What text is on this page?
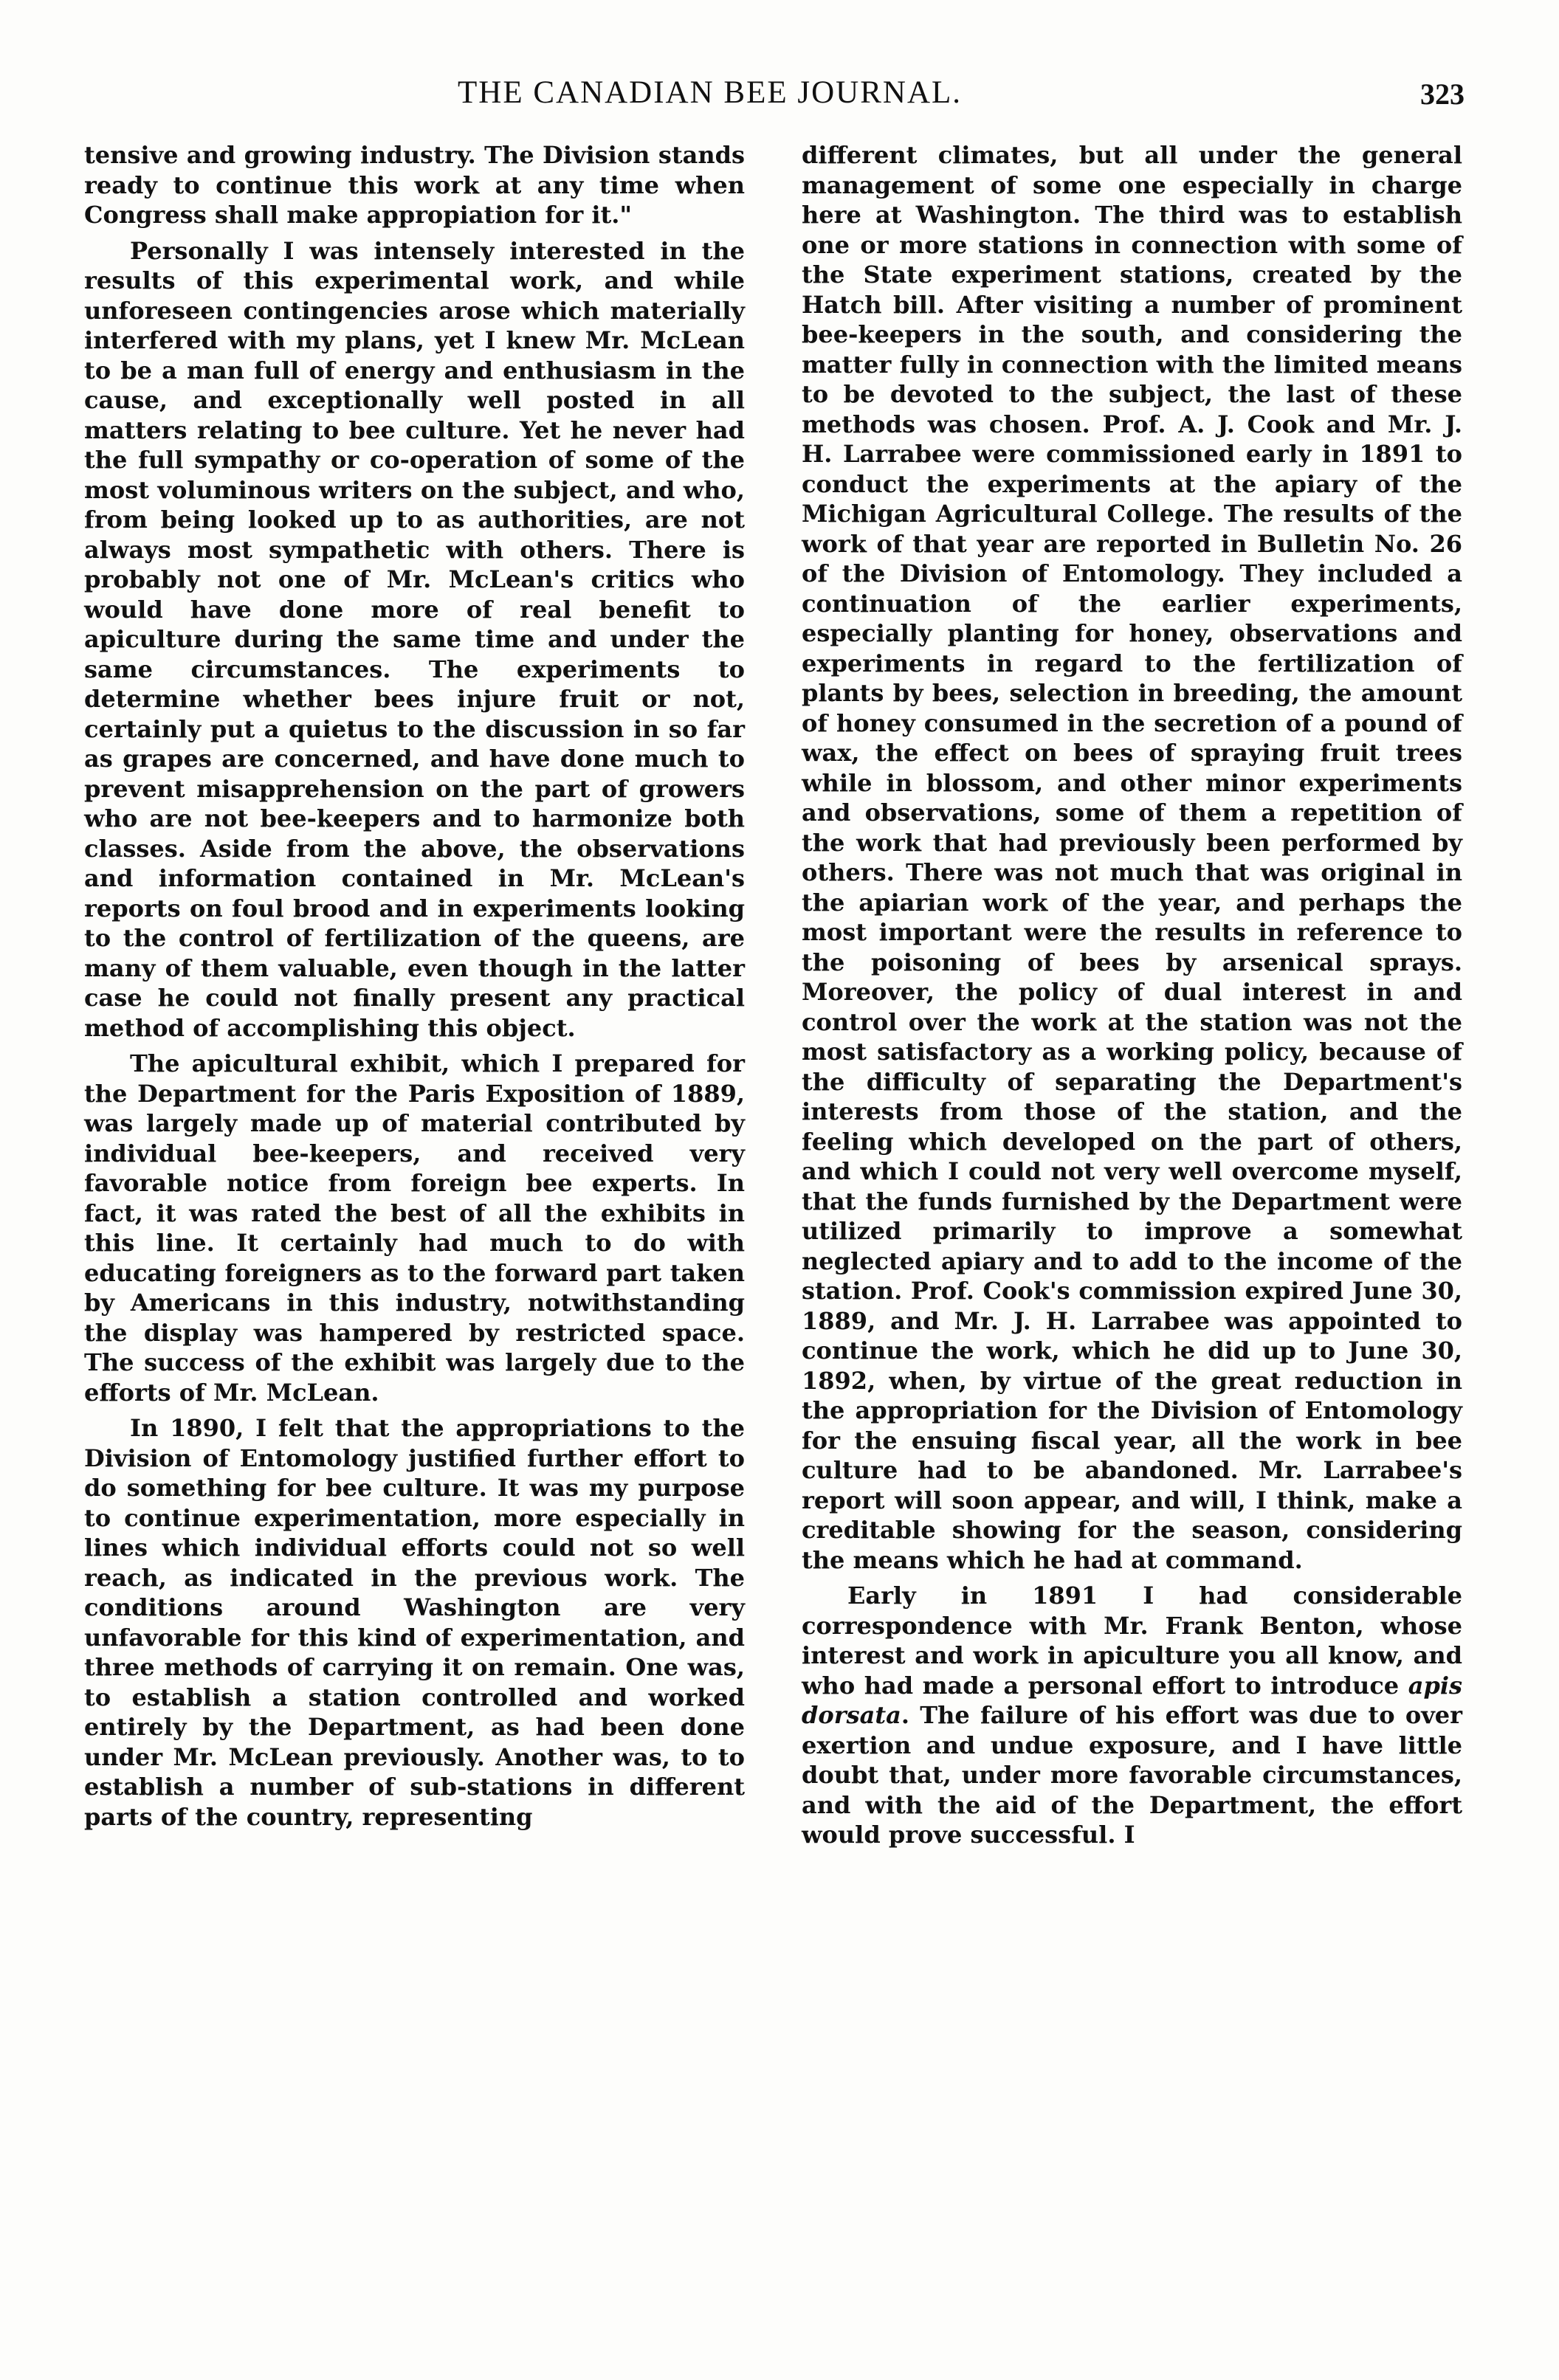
THE CANADIAN BEE JOURNAL.	323

tensive and growing industry. The Division stands ready to continue this work at any time when Congress shall make appropiation for it."

Personally I was intensely interested in the results of this experimental work, and while unforeseen contingencies arose which materially interfered with my plans, yet I knew Mr. McLean to be a man full of energy and enthusiasm in the cause, and exceptionally well posted in all matters relating to bee culture. Yet he never had the full sympathy or co-operation of some of the most voluminous writers on the subject, and who, from being looked up to as authorities, are not always most sympathetic with others. There is probably not one of Mr. McLean's critics who would have done more of real benefit to apiculture during the same time and under the same circumstances. The experiments to determine whether bees injure fruit or not, certainly put a quietus to the discussion in so far as grapes are concerned, and have done much to prevent misapprehension on the part of growers who are not bee-keepers and to harmonize both classes. Aside from the above, the observations and information contained in Mr. McLean's reports on foul brood and in experiments looking to the control of fertilization of the queens, are many of them valuable, even though in the latter case he could not finally present any practical method of accomplishing this object.

The apicultural exhibit, which I prepared for the Department for the Paris Exposition of 1889, was largely made up of material contributed by individual bee-keepers, and received very favorable notice from foreign bee experts. In fact, it was rated the best of all the exhibits in this line. It certainly had much to do with educating foreigners as to the forward part taken by Americans in this industry, notwithstanding the display was hampered by restricted space. The success of the exhibit was largely due to the efforts of Mr. McLean.

In 1890, I felt that the appropriations to the Division of Entomology justified further effort to do something for bee culture. It was my purpose to continue experimentation, more especially in lines which individual efforts could not so well reach, as indicated in the previous work. The conditions around Washington are very unfavorable for this kind of experimentation, and three methods of carrying it on remain. One was, to establish a station controlled and worked entirely by the Department, as had been done under Mr. McLean previously. Another was, to to establish a number of sub-stations in different parts of the country, representing

different climates, but all under the general management of some one especially in charge here at Washington. The third was to establish one or more stations in connection with some of the State experiment stations, created by the Hatch bill. After visiting a number of prominent bee-keepers in the south, and considering the matter fully in connection with the limited means to be devoted to the subject, the last of these methods was chosen. Prof. A. J. Cook and Mr. J. H. Larrabee were commissioned early in 1891 to conduct the experiments at the apiary of the Michigan Agricultural College. The results of the work of that year are reported in Bulletin No. 26 of the Division of Entomology. They included a continuation of the earlier experiments, especially planting for honey, observations and experiments in regard to the fertilization of plants by bees, selection in breeding, the amount of honey consumed in the secretion of a pound of wax, the effect on bees of spraying fruit trees while in blossom, and other minor experiments and observations, some of them a repetition of the work that had previously been performed by others. There was not much that was original in the apiarian work of the year, and perhaps the most important were the results in reference to the poisoning of bees by arsenical sprays. Moreover, the policy of dual interest in and control over the work at the station was not the most satisfactory as a working policy, because of the difficulty of separating the Department's interests from those of the station, and the feeling which developed on the part of others, and which I could not very well overcome myself, that the funds furnished by the Department were utilized primarily to improve a somewhat neglected apiary and to add to the income of the station. Prof. Cook's commission expired June 30, 1889, and Mr. J. H. Larrabee was appointed to continue the work, which he did up to June 30, 1892, when, by virtue of the great reduction in the appropriation for the Division of Entomology for the ensuing fiscal year, all the work in bee culture had to be abandoned. Mr. Larrabee's report will soon appear, and will, I think, make a creditable showing for the season, considering the means which he had at command.

Early in 1891 I had considerable correspondence with Mr. Frank Benton, whose interest and work in apiculture you all know, and who had made a personal effort to introduce apis dorsata. The failure of his effort was due to over exertion and undue exposure, and I have little doubt that, under more favorable circumstances, and with the aid of the Department, the effort would prove successful. I
